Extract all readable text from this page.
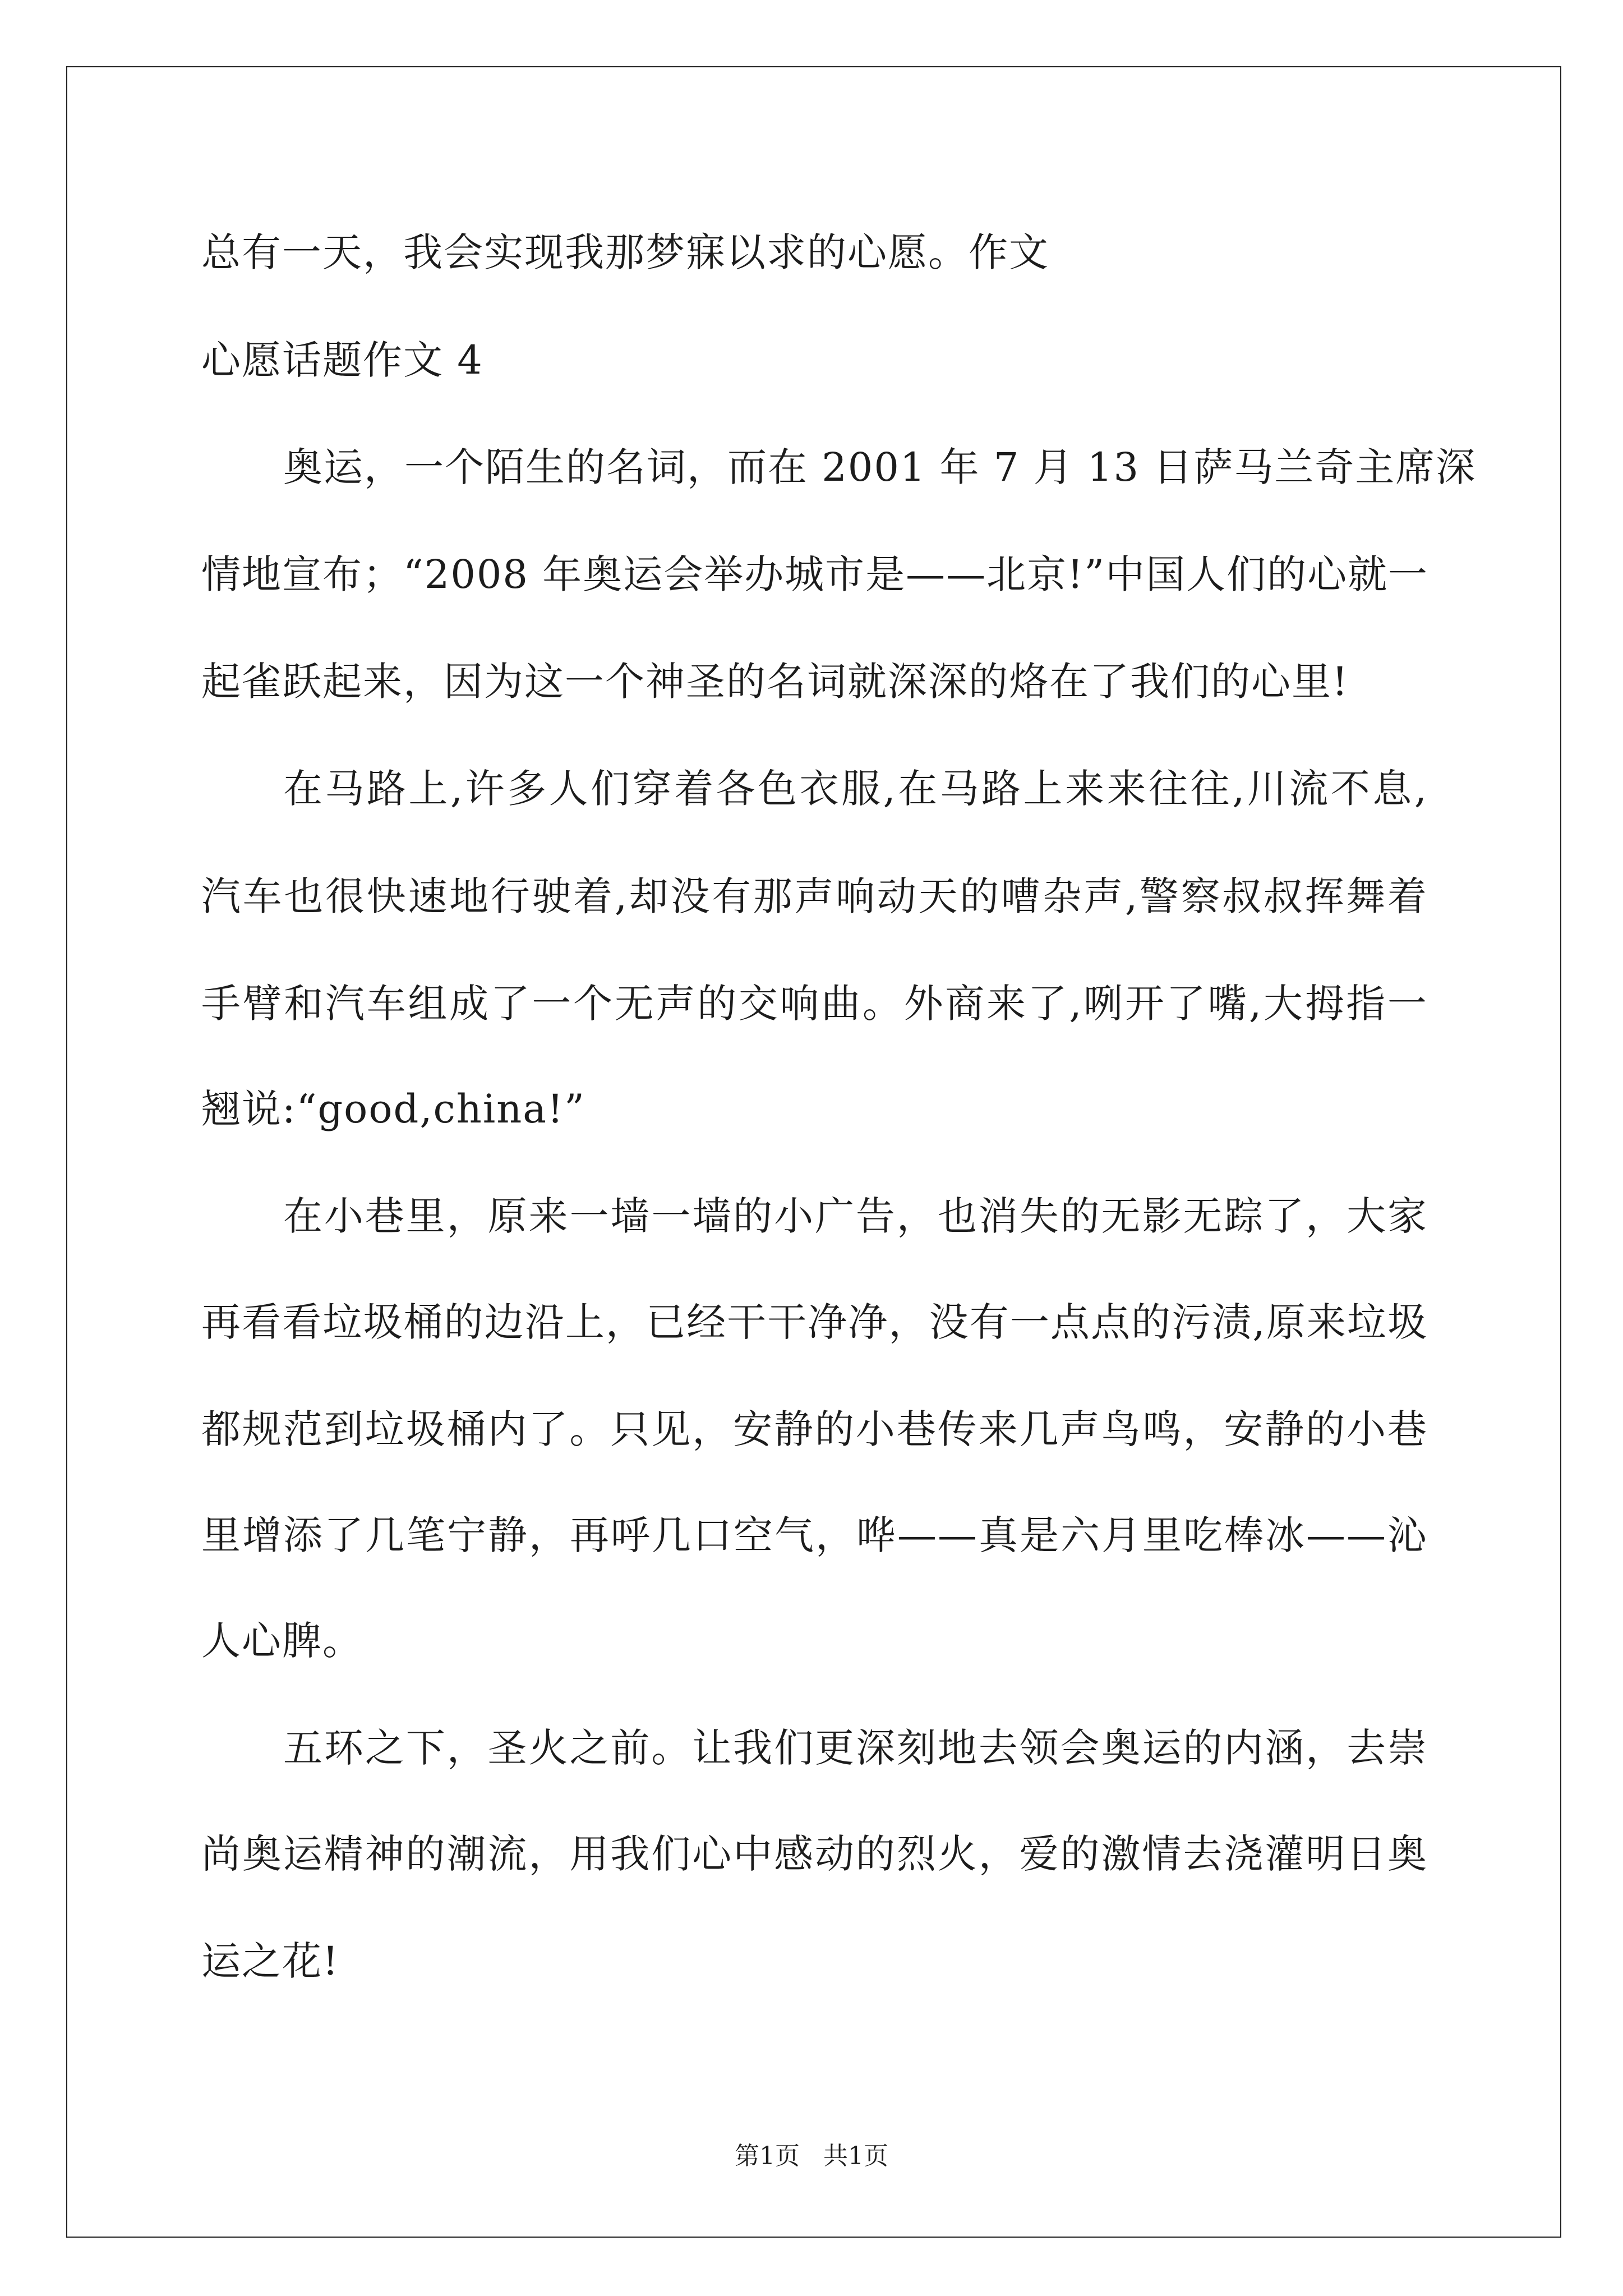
总有一天，我会实现我那梦寐以求的心愿。作文
心愿话题作文 4
奥运，一个陌生的名词，而在 2001 年 7 月 13 日萨马兰奇主席深
情地宣布；“2008 年奥运会举办城市是——北京!”中国人们的心就一
起雀跃起来，因为这一个神圣的名词就深深的烙在了我们的心里!
在马路上,许多人们穿着各色衣服,在马路上来来往往,川流不息,
汽车也很快速地行驶着,却没有那声响动天的嘈杂声,警察叔叔挥舞着
手臂和汽车组成了一个无声的交响曲。外商来了,咧开了嘴,大拇指一
翘说:“good,china!”
在小巷里，原来一墙一墙的小广告，也消失的无影无踪了，大家
再看看垃圾桶的边沿上，已经干干净净，没有一点点的污渍,原来垃圾
都规范到垃圾桶内了。只见，安静的小巷传来几声鸟鸣，安静的小巷
里增添了几笔宁静，再呼几口空气，哗——真是六月里吃棒冰——沁
人心脾。
五环之下，圣火之前。让我们更深刻地去领会奥运的内涵，去崇
尚奥运精神的潮流，用我们心中感动的烈火，爱的激情去浇灌明日奥
运之花!
第1页   共1页
